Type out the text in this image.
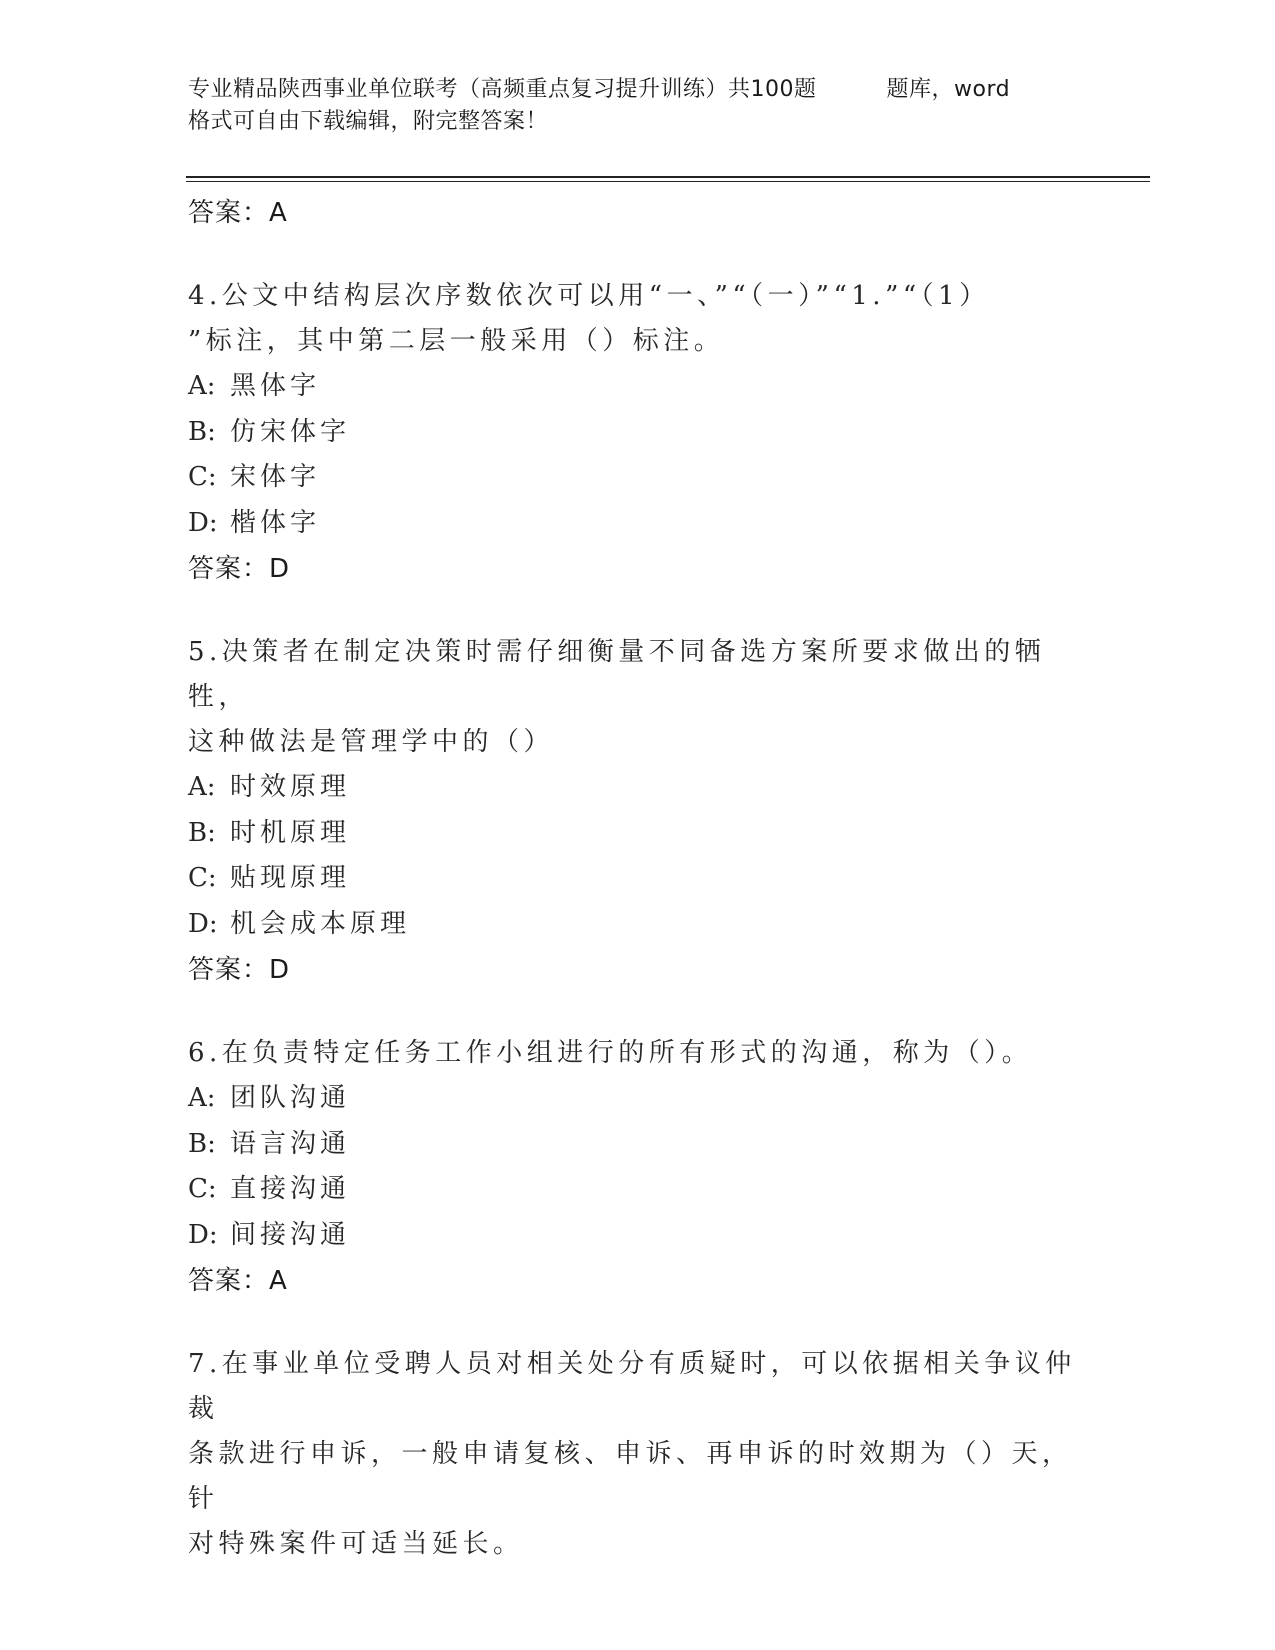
专业精品陕西事业单位联考（高频重点复习提升训练）共100题	题库，word
格式可自由下载编辑，附完整答案！
答案：A
4.公文中结构层次序数依次可以用“一、”“（一）”“1.”“（1）
”标注，其中第二层一般采用（）标注。
A: 黑体字
B: 仿宋体字
C: 宋体字
D: 楷体字
答案：D
5.决策者在制定决策时需仔细衡量不同备选方案所要求做出的牺牲，
这种做法是管理学中的（）
A: 时效原理
B: 时机原理
C: 贴现原理
D: 机会成本原理
答案：D
6.在负责特定任务工作小组进行的所有形式的沟通，称为（）。
A: 团队沟通
B: 语言沟通
C: 直接沟通
D: 间接沟通
答案：A
7.在事业单位受聘人员对相关处分有质疑时，可以依据相关争议仲裁
条款进行申诉，一般申请复核、申诉、再申诉的时效期为（）天，针
对特殊案件可适当延长。
